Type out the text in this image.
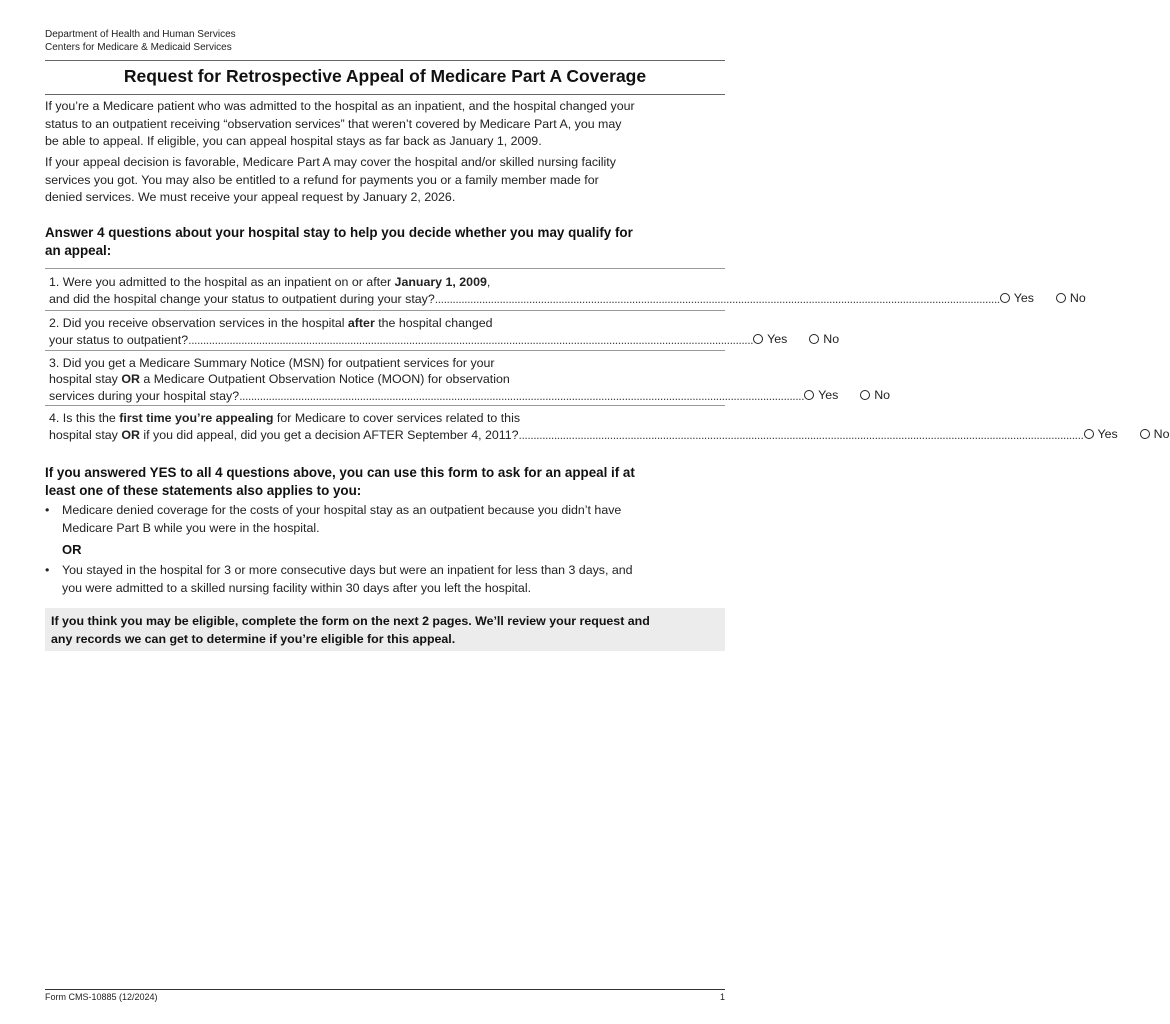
Department of Health and Human Services
Centers for Medicare & Medicaid Services
Request for Retrospective Appeal of Medicare Part A Coverage
If you’re a Medicare patient who was admitted to the hospital as an inpatient, and the hospital changed your
status to an outpatient receiving “observation services” that weren’t covered by Medicare Part A, you may
be able to appeal. If eligible, you can appeal hospital stays as far back as January 1, 2009.
If your appeal decision is favorable, Medicare Part A may cover the hospital and/or skilled nursing facility
services you got. You may also be entitled to a refund for payments you or a family member made for
denied services. We must receive your appeal request by January 2, 2026.
Answer 4 questions about your hospital stay to help you decide whether you may qualify for
an appeal:
1. Were you admitted to the hospital as an inpatient on or after January 1, 2009,
and did the hospital change your status to outpatient during your stay? ................................................................................................................................................................................................ Yes	No
2. Did you receive observation services in the hospital after the hospital changed
your status to outpatient? ................................................................................................................................................................................................ Yes	No
3. Did you get a Medicare Summary Notice (MSN) for outpatient services for your
hospital stay OR a Medicare Outpatient Observation Notice (MOON) for observation
services during your hospital stay? ................................................................................................................................................................................................ Yes	No
4. Is this the first time you’re appealing for Medicare to cover services related to this
hospital stay OR if you did appeal, did you get a decision AFTER September 4, 2011? ................................................................................................................................................................................................ Yes	No
If you answered YES to all 4 questions above, you can use this form to ask for an appeal if at
least one of these statements also applies to you:
• Medicare denied coverage for the costs of your hospital stay as an outpatient because you didn’t have
Medicare Part B while you were in the hospital.
OR
• You stayed in the hospital for 3 or more consecutive days but were an inpatient for less than 3 days, and
you were admitted to a skilled nursing facility within 30 days after you left the hospital.
If you think you may be eligible, complete the form on the next 2 pages. We’ll review your request and
any records we can get to determine if you’re eligible for this appeal.
Form CMS-10885 (12/2024)	1
